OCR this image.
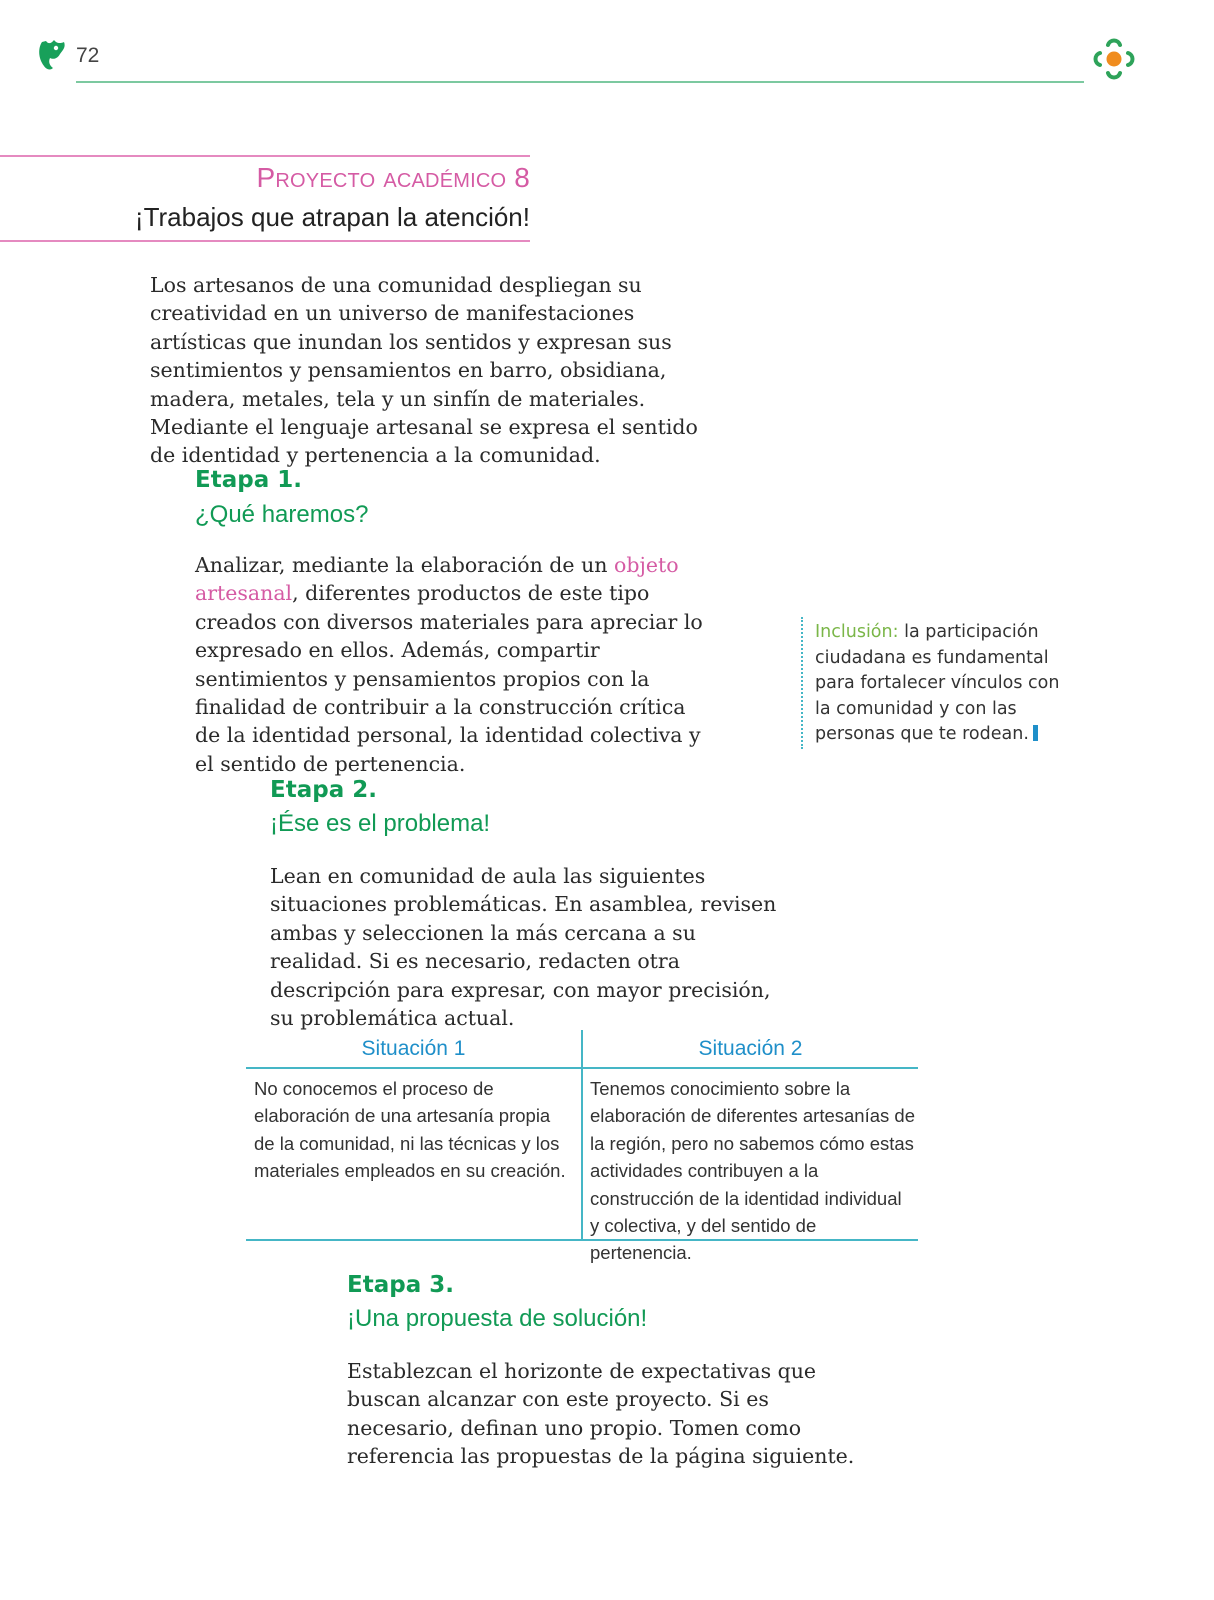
72
Proyecto académico 8
¡Trabajos que atrapan la atención!
Los artesanos de una comunidad despliegan su creatividad en un universo de manifestaciones artísticas que inundan los sentidos y expresan sus sentimientos y pensamientos en barro, obsidiana, madera, metales, tela y un sinfín de materiales. Mediante el lenguaje artesanal se expresa el sentido de identidad y pertenencia a la comunidad.
Etapa 1.
¿Qué haremos?
Analizar, mediante la elaboración de un objeto artesanal, diferentes productos de este tipo creados con diversos materiales para apreciar lo expresado en ellos. Además, compartir sentimientos y pensamientos propios con la finalidad de contribuir a la construcción crítica de la identidad personal, la identidad colectiva y el sentido de pertenencia.
Inclusión: la participación ciudadana es fundamental para fortalecer vínculos con la comunidad y con las personas que te rodean.
Etapa 2.
¡Ése es el problema!
Lean en comunidad de aula las siguientes situaciones problemáticas. En asamblea, revisen ambas y seleccionen la más cercana a su realidad. Si es necesario, redacten otra descripción para expresar, con mayor precisión, su problemática actual.
Situación 1	Situación 2
No conocemos el proceso de elaboración de una artesanía propia de la comunidad, ni las técnicas y los materiales empleados en su creación.
Tenemos conocimiento sobre la elaboración de diferentes artesanías de la región, pero no sabemos cómo estas actividades contribuyen a la construcción de la identidad individual y colectiva, y del sentido de pertenencia.
Etapa 3.
¡Una propuesta de solución!
Establezcan el horizonte de expectativas que buscan alcanzar con este proyecto. Si es necesario, definan uno propio. Tomen como referencia las propuestas de la página siguiente.
